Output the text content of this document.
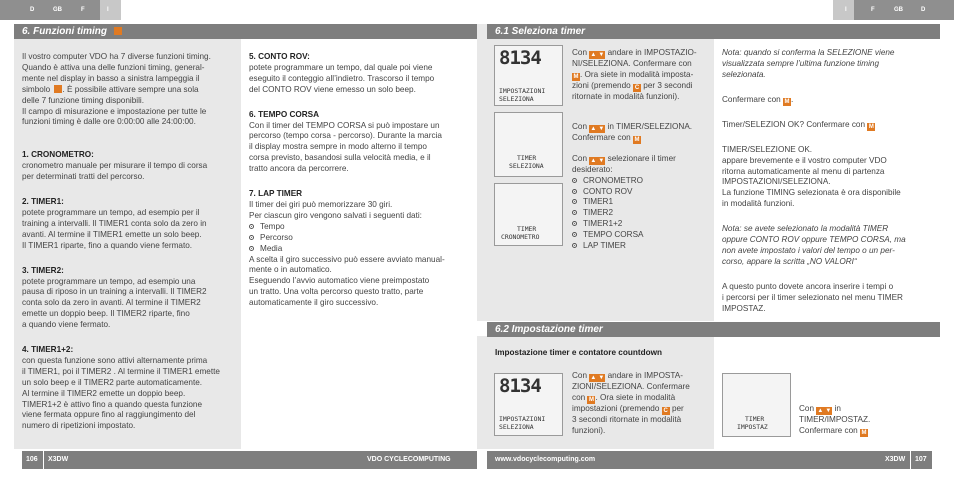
D	GB	F	I	I	F	GB	D
6. Funzioni timing

Il vostro computer VDO ha 7 diverse funzioni timing.
Quando è attiva una delle funzioni timing, general-
mente nel display in basso a sinistra lampeggia il
simbolo . È possibile attivare sempre una sola
delle 7 funzione timing disponibili.
Il campo di misurazione e impostazione per tutte le
funzioni timing è dalle ore 0:00:00 alle 24:00:00.

1. CRONOMETRO:
cronometro manuale per misurare il tempo di corsa
per determinati tratti del percorso.

2. TIMER1:
potete programmare un tempo, ad esempio per il
training a intervalli. Il TIMER1 conta solo da zero in
avanti. Al termine il TIMER1 emette un solo beep.
Il TIMER1 riparte, fino a quando viene fermato.

3. TIMER2:
potete programmare un tempo, ad esempio una
pausa di riposo in un training a intervalli. Il TIMER2
conta solo da zero in avanti. Al termine il TIMER2
emette un doppio beep. Il TIMER2 riparte, fino
a quando viene fermato.

4. TIMER1+2:
con questa funzione sono attivi alternamente prima
il TIMER1, poi il TIMER2 . Al termine il TIMER1 emette
un solo beep e il TIMER2 parte automaticamente.
Al termine il TIMER2 emette un doppio beep.
TIMER1+2 è attivo fino a quando questa funzione
viene fermata oppure fino al raggiungimento del
numero di ripetizioni impostato.

5. CONTO ROV:
potete programmare un tempo, dal quale poi viene
eseguito il conteggio all’indietro. Trascorso il tempo
del CONTO ROV viene emesso un solo beep.

6. TEMPO CORSA
Con il timer del TEMPO CORSA si può impostare un
percorso (tempo corsa - percorso). Durante la marcia
il display mostra sempre in modo alterno il tempo
corsa previsto, basandosi sulla velocità media, e il
tratto ancora da percorrere.

7. LAP TIMER
Il timer dei giri può memorizzare 30 giri.
Per ciascun giro vengono salvati i seguenti dati:
Tempo
Percorso
Media
A scelta il giro successivo può essere avviato manual-
mente o in automatico.
Eseguendo l’avvio automatico viene preimpostato
un tratto. Una volta percorso questo tratto, parte
automaticamente il giro successivo.

6.1 Seleziona timer
8134
IMPOSTAZIONI
SELEZIONA
TIMER
SELEZIONA
TIMER
CRONOMETRO

Con ▲ ▼ andare in IMPOSTAZIO-
NI/SELEZIONA. Confermare con
M . Ora siete in modalità imposta-
zioni (premendo C per 3 secondi
ritornate in modalità funzioni).

Con ▲ ▼ in TIMER/SELEZIONA.
Confermare con M

Con ▲ ▼ selezionare il timer
desiderato:
CRONOMETRO
CONTO ROV
TIMER1
TIMER2
TIMER1+2
TEMPO CORSA
LAP TIMER

Nota: quando si conferma la SELEZIONE viene
visualizzata sempre l’ultima funzione timing
selezionata.

Confermare con M .

Timer/SELEZION OK? Confermare con M

TIMER/SELEZIONE OK.
appare brevemente e il vostro computer VDO
ritorna automaticamente al menu di partenza
IMPOSTAZIONI/SELEZIONA.
La funzione TIMING selezionata è ora disponibile
in modalità funzioni.

Nota: se avete selezionato la modalità TIMER
oppure CONTO ROV oppure TEMPO CORSA, ma
non avete impostato i valori del tempo o un per-
corso, appare la scritta „NO VALORI“

A questo punto dovete ancora inserire i tempi o
i percorsi per il timer selezionato nel menu TIMER
IMPOSTAZ.

6.2 Impostazione timer
Impostazione timer e contatore countdown
8134
IMPOSTAZIONI
SELEZIONA
Con ▲ ▼ andare in IMPOSTA-
ZIONI/SELEZIONA. Confermare
con M . Ora siete in modalità
impostazioni (premendo C per
3 secondi ritornate in modalità
funzioni).
TIMER
IMPOSTAZ
Con ▲ ▼ in
TIMER/IMPOSTAZ.
Confermare con M
106 X3DW	VDO CYCLECOMPUTING	www.vdocyclecomputing.com	X3DW 107
